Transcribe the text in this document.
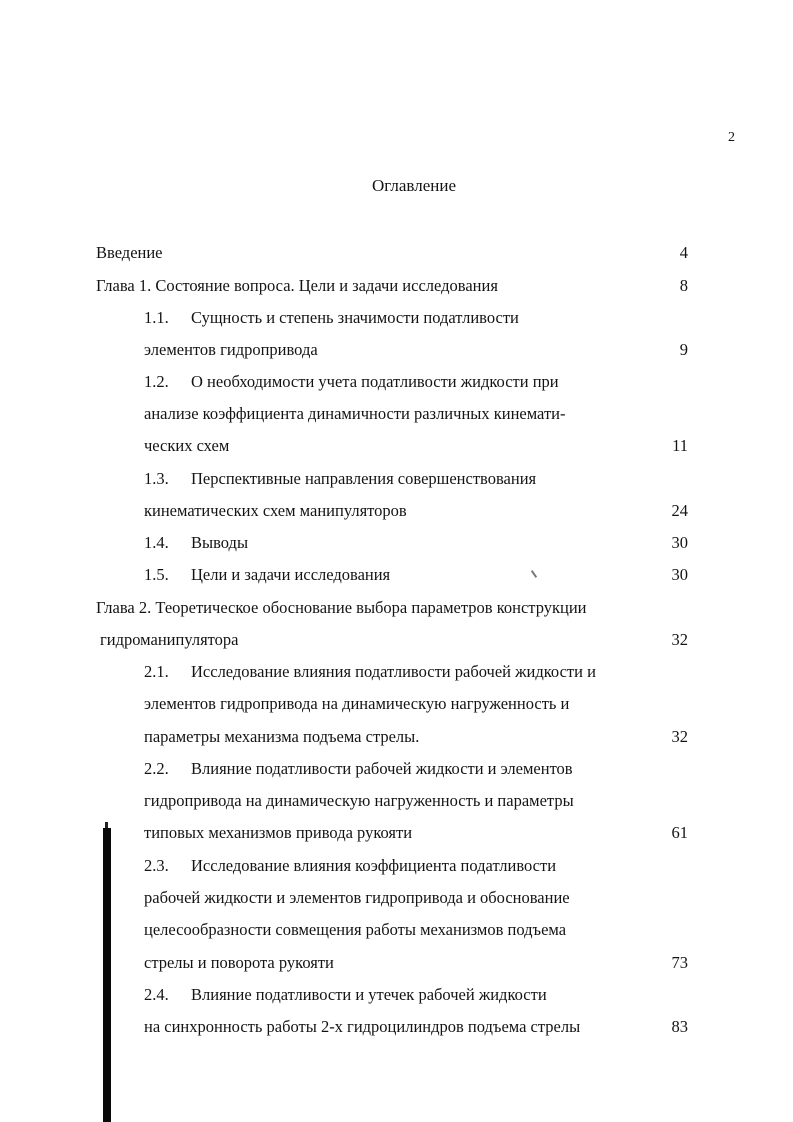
2
Оглавление
Введение	4
Глава 1. Состояние вопроса. Цели и задачи исследования	8
1.1. Сущность и степень значимости податливости
элементов гидропривода	9
1.2. О необходимости учета податливости жидкости при
анализе коэффициента динамичности различных кинемати-
ческих схем	11
1.3. Перспективные направления совершенствования
кинематических схем манипуляторов	24
1.4. Выводы	30
1.5. Цели и задачи исследования	30
Глава 2. Теоретическое обоснование выбора параметров конструкции
гидроманипулятора	32
2.1. Исследование влияния податливости рабочей жидкости и
элементов гидропривода на динамическую нагруженность и
параметры механизма подъема стрелы.	32
2.2. Влияние податливости рабочей жидкости и элементов
гидропривода на динамическую нагруженность и параметры
типовых механизмов привода рукояти	61
2.3. Исследование влияния коэффициента податливости
рабочей жидкости и элементов гидропривода и обоснование
целесообразности совмещения работы механизмов подъема
стрелы и поворота рукояти	73
2.4. Влияние податливости и утечек рабочей жидкости
на синхронность работы 2-х гидроцилиндров подъема стрелы	83
